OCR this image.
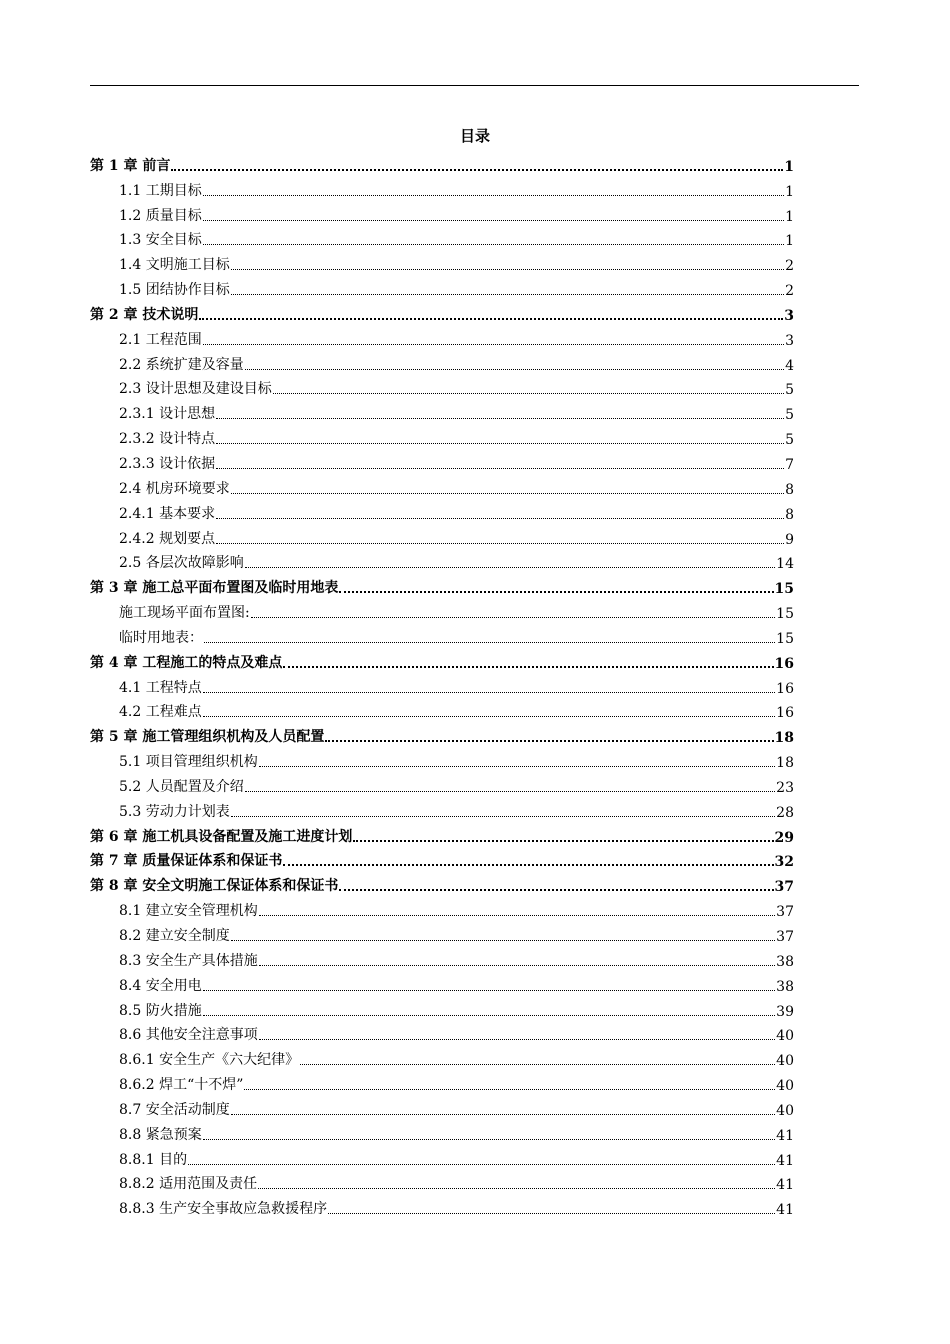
目录
第 1 章 前言	1
1.1 工期目标	1
1.2 质量目标	1
1.3 安全目标	1
1.4 文明施工目标	2
1.5 团结协作目标	2
第 2 章 技术说明	3
2.1 工程范围	3
2.2 系统扩建及容量	4
2.3 设计思想及建设目标	5
2.3.1 设计思想	5
2.3.2 设计特点	5
2.3.3 设计依据	7
2.4 机房环境要求	8
2.4.1 基本要求	8
2.4.2 规划要点	9
2.5 各层次故障影响	14
第 3 章 施工总平面布置图及临时用地表	15
施工现场平面布置图:	15
临时用地表：	15
第 4 章 工程施工的特点及难点	16
4.1 工程特点	16
4.2 工程难点	16
第 5 章 施工管理组织机构及人员配置	18
5.1 项目管理组织机构	18
5.2 人员配置及介绍	23
5.3 劳动力计划表	28
第 6 章 施工机具设备配置及施工进度计划	29
第 7 章 质量保证体系和保证书	32
第 8 章 安全文明施工保证体系和保证书	37
8.1 建立安全管理机构	37
8.2 建立安全制度	37
8.3 安全生产具体措施	38
8.4 安全用电	38
8.5 防火措施	39
8.6 其他安全注意事项	40
8.6.1 安全生产《六大纪律》	40
8.6.2 焊工“十不焊”	40
8.7 安全活动制度	40
8.8 紧急预案	41
8.8.1 目的	41
8.8.2 适用范围及责任	41
8.8.3 生产安全事故应急救援程序	41
